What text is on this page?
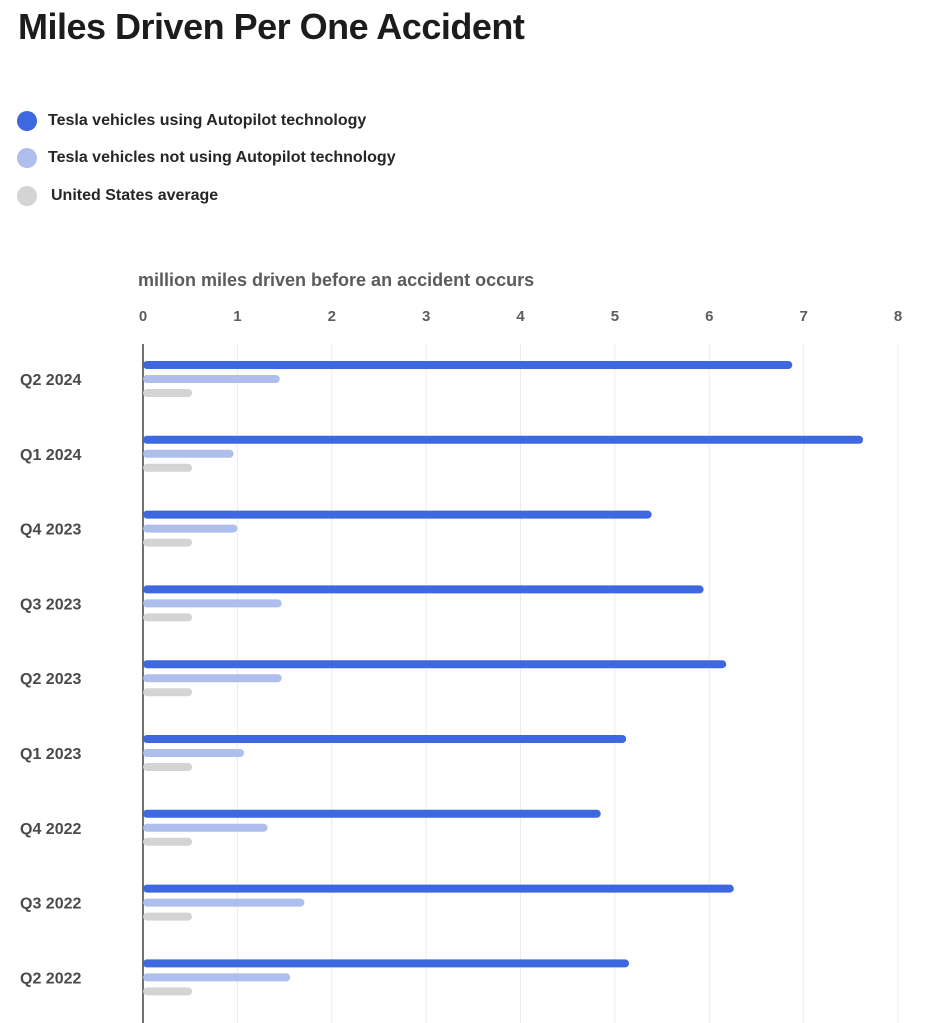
Miles Driven Per One Accident
Tesla vehicles using Autopilot technology
Tesla vehicles not using Autopilot technology
United States average
million miles driven before an accident occurs
0	1	2	3	4	5	6	7	8
Q2 2024
Q1 2024
Q4 2023
Q3 2023
Q2 2023
Q1 2023
Q4 2022
Q3 2022
Q2 2022
